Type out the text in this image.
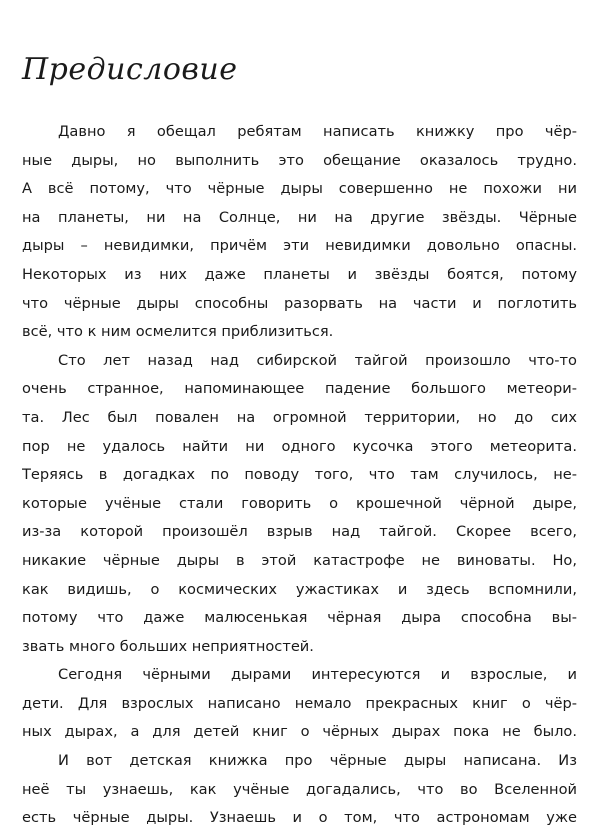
Предисловие
Давно я обещал ребятам написать книжку про чёр-
ные дыры, но выполнить это обещание оказалось трудно.
А всё потому, что чёрные дыры совершенно не похожи ни
на планеты, ни на Солнце, ни на другие звёзды. Чёрные
дыры – невидимки, причём эти невидимки довольно опасны.
Некоторых из них даже планеты и звёзды боятся, потому
что чёрные дыры способны разорвать на части и поглотить
всё, что к ним осмелится приблизиться.
Сто лет назад над сибирской тайгой произошло что-то
очень странное, напоминающее падение большого метеори-
та. Лес был повален на огромной территории, но до сих
пор не удалось найти ни одного кусочка этого метеорита.
Теряясь в догадках по поводу того, что там случилось, не-
которые учёные стали говорить о крошечной чёрной дыре,
из-за которой произошёл взрыв над тайгой. Скорее всего,
никакие чёрные дыры в этой катастрофе не виноваты. Но,
как видишь, о космических ужастиках и здесь вспомнили,
потому что даже малюсенькая чёрная дыра способна вы-
звать много больших неприятностей.
Сегодня чёрными дырами интересуются и взрослые, и
дети. Для взрослых написано немало прекрасных книг о чёр-
ных дырах, а для детей книг о чёрных дырах пока не было.
И вот детская книжка про чёрные дыры написана. Из
неё ты узнаешь, как учёные догадались, что во Вселенной
есть чёрные дыры. Узнаешь и о том, что астрономам уже
